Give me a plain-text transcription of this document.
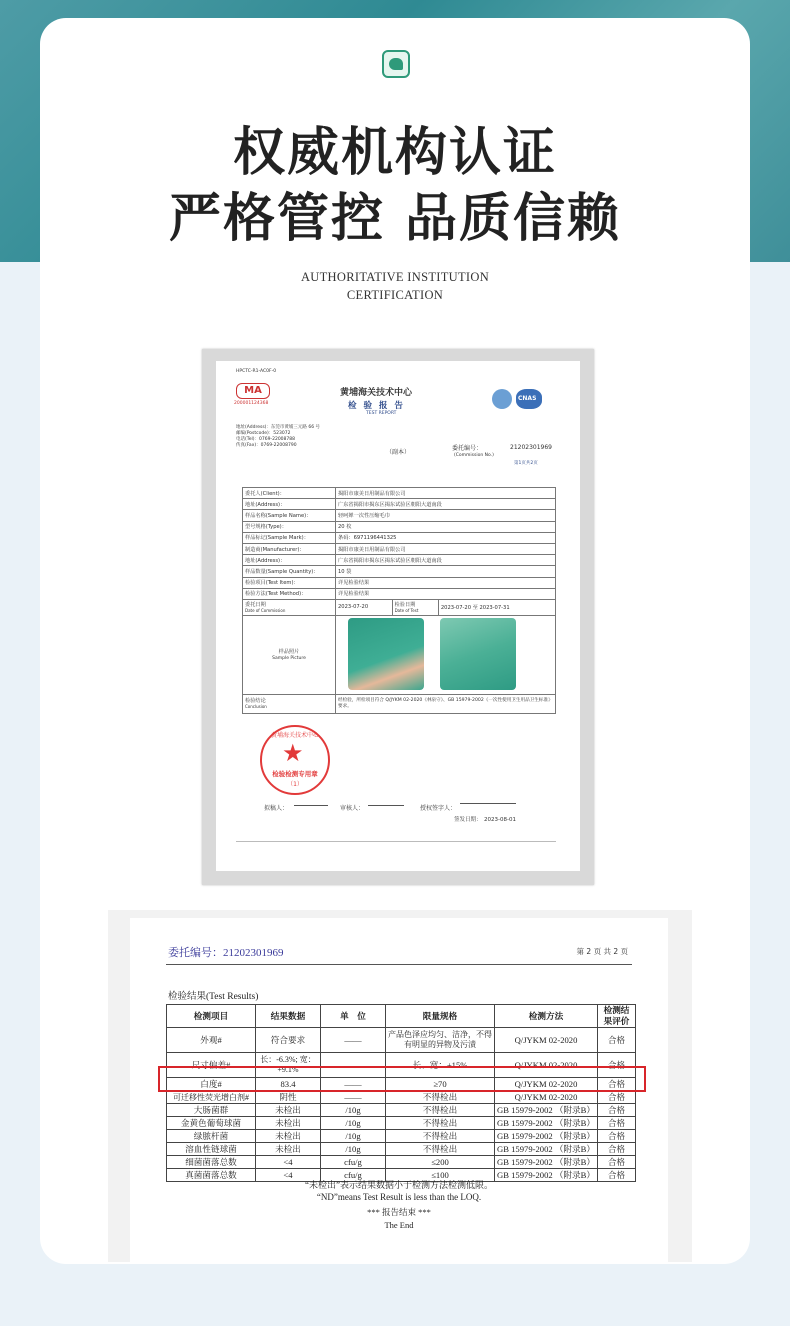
权威机构认证
严格管控 品质信赖
AUTHORITATIVE INSTITUTION
CERTIFICATION
HPCTC-R1-AC0F-0
MA
200001124368
黄埔海关技术中心
检 验 报 告
TEST REPORT
CNAS
地址(Address)：东莞市黄埔三元路 66 号
邮编(Postcode)：523072
电话(Tel)：0769-22008788
传真(Fax)：0769-22008790
（副本）
委托编号：
(Commission No.)
21202301969
第1页共2页
委托人(Client)：	揭阳市康美日用制品有限公司		
地址(Address)：	广东省揭阳市揭东区揭东试验区朝阳大道南段		
样品名称(Sample Name)：	轻呵婵一次性压缩毛巾		
型号规格(Type)：	20 枚		
样品标记(Sample Mark)：	条码：6971196441325		
制造商(Manufacturer)：	揭阳市康美日用制品有限公司		
地址(Address)：	广东省揭阳市揭东区揭东试验区朝阳大道南段		
样品数量(Sample Quantity)：	10 袋		
检验项目(Test Item)：	详见检验结果		
检验方法(Test Method)：	详见检验结果		
委托日期
Date of Commission	2023-07-20	检验日期
Date of Test	2023-07-20 至 2023-07-31
样品照片
Sample Picture			

检验结论
Conclusion	经检验，所检项目符合 Q/JYKM 02-2020《林泉守》、GB 15979-2002《一次性使用卫生用品卫生标准》要求。		
黄埔海关技术中心
★
检验检测专用章
（1）
拟稿人：	审核人：	授权签字人：
签发日期： 2023-08-01
委托编号：21202301969	第 2 页 共 2 页
检验结果(Test Results)
检测项目	结果数据	单　位	限量规格	检测方法	检测结果评价
外观#	符合要求	——	产品色泽应均匀、洁净，不得有明显的异物及污渍	Q/JYKM 02-2020	合格
尺寸偏差#	长：-6.3%; 宽：+9.1%	——	长、宽：±15%	Q/JYKM 02-2020	合格
白度#	83.4	——	≥70	Q/JYKM 02-2020	合格
可迁移性荧光增白剂#	阴性	——	不得检出	Q/JYKM 02-2020	合格
大肠菌群	未检出	/10g	不得检出	GB 15979-2002 （附录B）	合格
金黄色葡萄球菌	未检出	/10g	不得检出	GB 15979-2002 （附录B）	合格
绿脓杆菌	未检出	/10g	不得检出	GB 15979-2002 （附录B）	合格
溶血性链球菌	未检出	/10g	不得检出	GB 15979-2002 （附录B）	合格
细菌菌落总数	<4	cfu/g	≤200	GB 15979-2002 （附录B）	合格
真菌菌落总数	<4	cfu/g	≤100	GB 15979-2002 （附录B）	合格
“未检出”表示结果数据小于检测方法检测低限。
“ND”means Test Result is less than the LOQ.
*** 报告结束 ***
The End
